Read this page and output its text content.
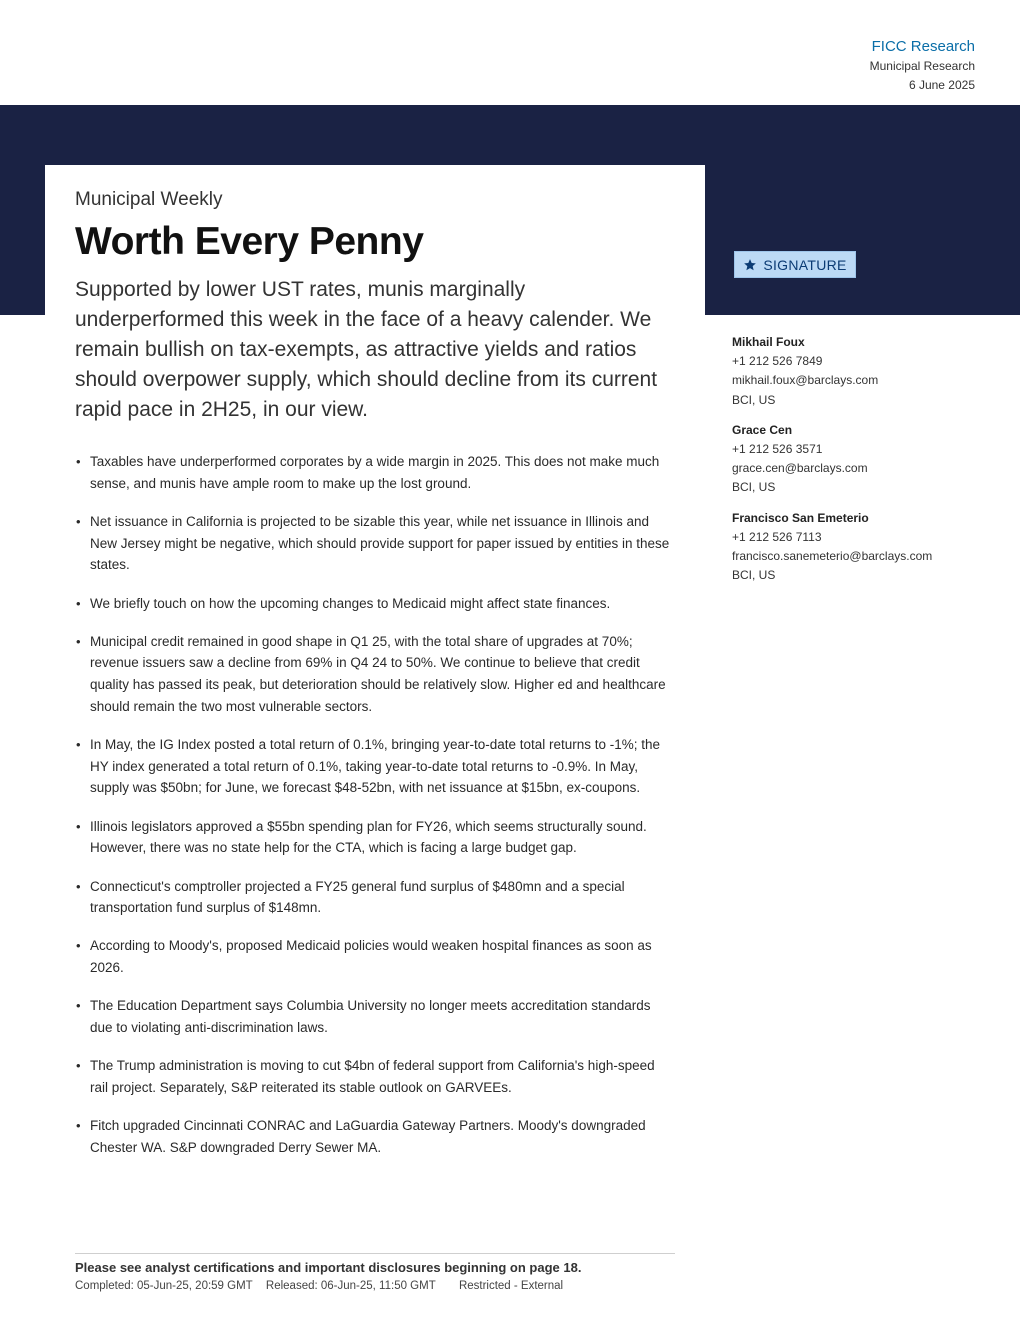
FICC Research
Municipal Research
6 June 2025
Municipal Weekly
Worth Every Penny

Supported by lower UST rates, munis marginally underperformed this week in the face of a heavy calender. We remain bullish on tax-exempts, as attractive yields and ratios should overpower supply, which should decline from its current rapid pace in 2H25, in our view.

SIGNATURE
Mikhail Foux
+1 212 526 7849
mikhail.foux@barclays.com
BCI, US
Grace Cen
+1 212 526 3571
grace.cen@barclays.com
BCI, US
Francisco San Emeterio
+1 212 526 7113
francisco.sanemeterio@barclays.com
BCI, US
• Taxables have underperformed corporates by a wide margin in 2025. This does not make much sense, and munis have ample room to make up the lost ground.
• Net issuance in California is projected to be sizable this year, while net issuance in Illinois and New Jersey might be negative, which should provide support for paper issued by entities in these states.
• We briefly touch on how the upcoming changes to Medicaid might affect state finances.
• Municipal credit remained in good shape in Q1 25, with the total share of upgrades at 70%; revenue issuers saw a decline from 69% in Q4 24 to 50%. We continue to believe that credit quality has passed its peak, but deterioration should be relatively slow. Higher ed and healthcare should remain the two most vulnerable sectors.
• In May, the IG Index posted a total return of 0.1%, bringing year-to-date total returns to -1%; the HY index generated a total return of 0.1%, taking year-to-date total returns to -0.9%. In May, supply was $50bn; for June, we forecast $48-52bn, with net issuance at $15bn, ex-coupons.
• Illinois legislators approved a $55bn spending plan for FY26, which seems structurally sound. However, there was no state help for the CTA, which is facing a large budget gap.
• Connecticut's comptroller projected a FY25 general fund surplus of $480mn and a special transportation fund surplus of $148mn.
• According to Moody's, proposed Medicaid policies would weaken hospital finances as soon as 2026.
• The Education Department says Columbia University no longer meets accreditation standards due to violating anti-discrimination laws.
• The Trump administration is moving to cut $4bn of federal support from California's high-speed rail project. Separately, S&P reiterated its stable outlook on GARVEEs.
• Fitch upgraded Cincinnati CONRAC and LaGuardia Gateway Partners. Moody's downgraded Chester WA. S&P downgraded Derry Sewer MA.
Please see analyst certifications and important disclosures beginning on page 18.
Completed: 05-Jun-25, 20:59 GMT Released: 06-Jun-25, 11:50 GMT Restricted - External
